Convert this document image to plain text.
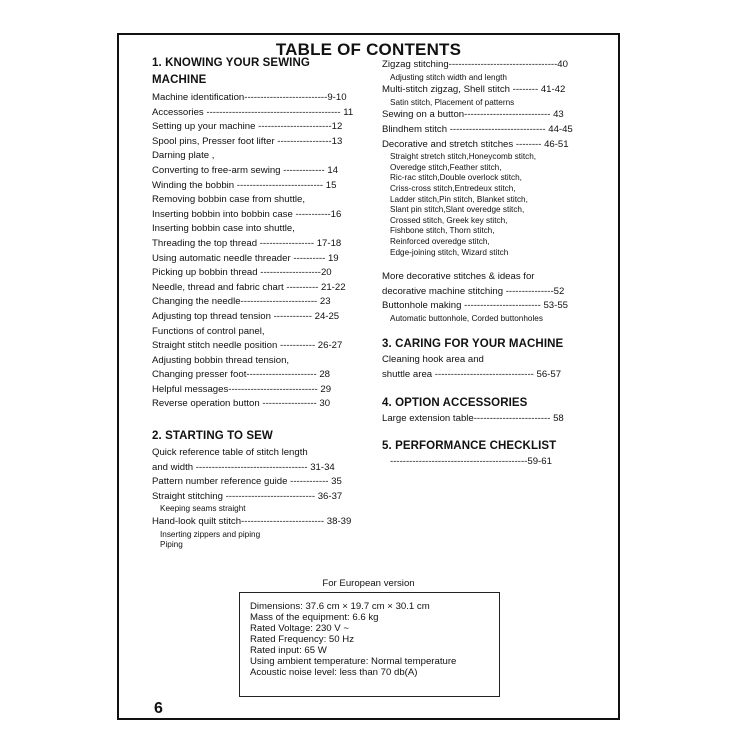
TABLE OF CONTENTS
1. KNOWING YOUR SEWING
MACHINE
Machine identification--------------------------9-10
Accessories ------------------------------------------ 11
Setting up your machine -----------------------12
Spool pins, Presser foot lifter -----------------13
Darning plate ,
Converting to free-arm sewing ------------- 14
Winding the bobbin --------------------------- 15
Removing bobbin case from shuttle,
Inserting bobbin into bobbin case -----------16
Inserting bobbin case into shuttle,
Threading the top thread ----------------- 17-18
Using automatic needle threader ---------- 19
Picking up bobbin thread -------------------20
Needle, thread and fabric chart ---------- 21-22
Changing the needle------------------------ 23
Adjusting top thread tension ------------ 24-25
Functions of control panel,
Straight stitch needle position ----------- 26-27
Adjusting bobbin thread tension,
Changing presser foot---------------------- 28
Helpful messages---------------------------- 29
Reverse operation button ----------------- 30
2. STARTING TO SEW
Quick reference table of stitch length
and width ----------------------------------- 31-34
Pattern number reference guide ------------ 35
Straight stitching ---------------------------- 36-37
Keeping seams straight
Hand-look quilt stitch-------------------------- 38-39
Inserting zippers and piping
Piping
Zigzag stitching----------------------------------40
Adjusting stitch width and length
Multi-stitch zigzag, Shell stitch -------- 41-42
Satin stitch, Placement of patterns
Sewing on a button--------------------------- 43
Blindhem stitch ------------------------------ 44-45
Decorative and stretch stitches -------- 46-51
Straight stretch stitch,Honeycomb stitch,
Overedge stitch,Feather stitch,
Ric-rac stitch,Double overlock stitch,
Criss-cross stitch,Entredeux stitch,
Ladder stitch,Pin stitch, Blanket stitch,
Slant pin stitch,Slant overedge stitch,
Crossed stitch, Greek key stitch,
Fishbone stitch, Thorn stitch,
Reinforced overedge stitch,
Edge-joining stitch, Wizard stitch
More decorative stitches & ideas for
decorative machine stitching ---------------52
Buttonhole making ------------------------ 53-55
Automatic buttonhole, Corded buttonholes
3. CARING FOR YOUR MACHINE
Cleaning hook area and
shuttle area ------------------------------- 56-57
4. OPTION ACCESSORIES
Large extension table------------------------ 58
5. PERFORMANCE CHECKLIST
-------------------------------------------59-61
For European version
Dimensions: 37.6 cm × 19.7 cm × 30.1 cm
Mass of the equipment: 6.6 kg
Rated Voltage: 230 V ~
Rated Frequency: 50 Hz
Rated input: 65 W
Using ambient temperature: Normal temperature
Acoustic noise level: less than 70 db(A)
6
